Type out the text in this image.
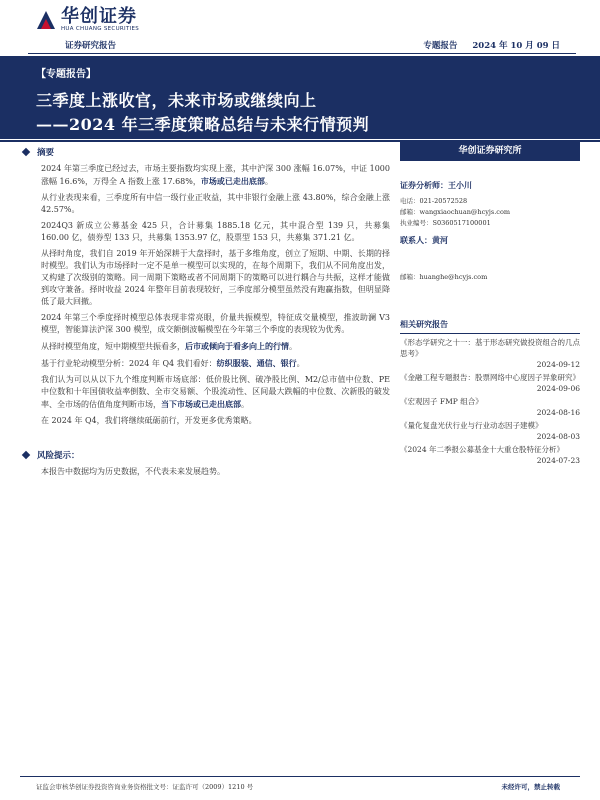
华创证券
HUA CHUANG SECURITIES
证券研究报告	专题报告 2024 年 10 月 09 日
【专题报告】
三季度上涨收官，未来市场或继续向上
——2024 年三季度策略总结与未来行情预判
摘要

2024 年第三季度已经过去，市场主要指数均实现上涨，其中沪深 300 涨幅 16.07%，中证 1000 涨幅 16.6%，万得全 A 指数上涨 17.68%，市场或已走出底部。

从行业表现来看，三季度所有中信一级行业正收益，其中非银行金融上涨 43.80%，综合金融上涨 42.57%。

2024Q3 新成立公募基金 425 只，合计募集 1885.18 亿元，其中混合型 139 只，共募集 160.00 亿，债券型 133 只，共募集 1353.97 亿，股票型 153 只，共募集 371.21 亿。

从择时角度，我们自 2019 年开始深耕于大盘择时，基于多维角度，创立了短期、中期、长期的择时模型。我们认为市场择时一定不是单一模型可以实现的，在每个周期下，我们从不同角度出发，又构建了次级别的策略。同一周期下策略或者不同周期下的策略可以进行耦合与共振，这样才能做到攻守兼备。择时收益 2024 年整年目前表现较好，三季度部分模型虽然没有跑赢指数，但明显降低了最大回撤。

2024 年第三个季度择时模型总体表现非常亮眼，价量共振模型，特征成交量模型，推波助澜 V3 模型，智能算法沪深 300 模型，成交额倒波幅模型在今年第三个季度的表现较为优秀。

从择时模型角度，短中期模型共振看多，后市或倾向于看多向上的行情。

基于行业轮动模型分析：2024 年 Q4 我们看好：纺织服装、通信、银行。

我们认为可以从以下九个维度判断市场底部：低价股比例、破净股比例、M2/总市值中位数、PE 中位数和十年国债收益率倒数、全市交易额、个股流动性、区间最大跌幅的中位数、次新股的破发率、全市场的估值角度判断市场，当下市场或已走出底部。

在 2024 年 Q4，我们将继续砥砺前行，开发更多优秀策略。

风险提示：

本报告中数据均为历史数据，不代表未来发展趋势。

华创证券研究所
证券分析师：王小川
电话：021-20572528
邮箱：wangxiaochuan@hcyjs.com
执业编号：S0360517100001
联系人：黄河
邮箱：huanghe@hcyjs.com
相关研究报告
《形态学研究之十一：基于形态研究做投资组合的几点思考》
2024-09-12
《金融工程专题报告：股票网络中心度因子异象研究》
2024-09-06
《宏观因子 FMP 组合》
2024-08-16
《量化复盘光伏行业与行业动态因子建模》
2024-08-03
《2024 年二季报公募基金十大重仓股特征分析》
2024-07-23
证监会审核华创证券投资咨询业务资格批文号：证监许可（2009）1210 号	未经许可，禁止转载
